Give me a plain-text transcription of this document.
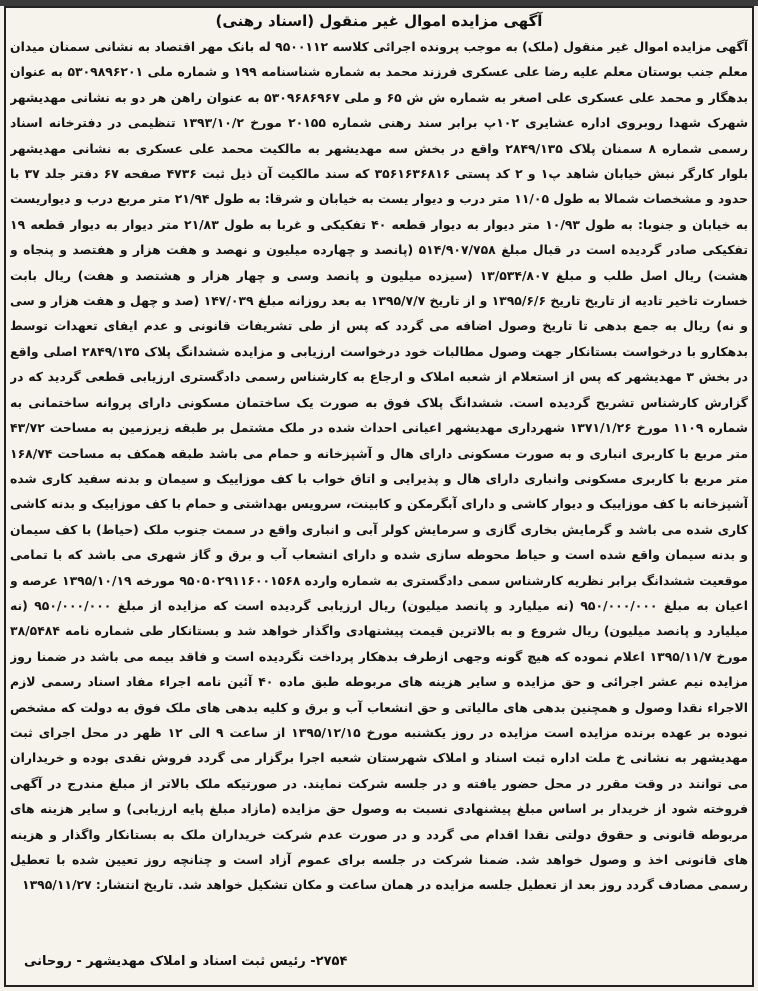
آگهی مزایده اموال غیر منقول (اسناد رهنی)

آگهی مزایده اموال غیر منقول (ملک) به موجب پرونده اجرائی کلاسه ۹۵۰۰۱۱۲ له بانک مهر اقتصاد به نشانی سمنان میدان معلم جنب بوستان معلم علیه رضا علی عسکری فرزند محمد به شماره شناسنامه ۱۹۹ و شماره ملی ۵۳۰۹۸۹۶۲۰۱ به عنوان بدهگار و محمد علی عسکری علی اصغر به شماره ش ش ۶۵ و ملی ۵۳۰۹۶۸۶۹۶۷ به عنوان راهن هر دو به نشانی مهدیشهر شهرک شهدا روبروی اداره عشایری ۱۰۲پ برابر سند رهنی شماره ۲۰۱۵۵ مورخ ۱۳۹۳/۱۰/۲ تنظیمی در دفترخانه اسناد رسمی شماره ۸ سمنان پلاک ۲۸۴۹/۱۳۵ واقع در بخش سه مهدیشهر به مالکیت محمد علی عسکری به نشانی مهدیشهر بلوار کارگر نبش خیابان شاهد پ۱ و ۲ کد پستی ۳۵۶۱۶۳۶۸۱۶ که سند مالکیت آن ذیل ثبت ۴۷۳۶ صفحه ۶۷ دفتر جلد ۳۷ با حدود و مشخصات شمالا به طول ۱۱/۰۵ متر درب و دیوار یست به خیابان و شرقا: به طول ۲۱/۹۴ متر مربع درب و دیواریست به خیابان و جنوبا: به طول ۱۰/۹۳ متر دیوار به دیوار قطعه ۴۰ تفکیکی و غربا به طول ۲۱/۸۳ متر دیوار به دیوار قطعه ۱۹ تفکیکی صادر گردیده است در قبال مبلغ ۵۱۴/۹۰۷/۷۵۸ (پانصد و چهارده میلیون و نهصد و هفت هزار و هفتصد و پنجاه و هشت) ریال اصل طلب و مبلغ ۱۳/۵۳۴/۸۰۷ (سیزده میلیون و پانصد وسی و چهار هزار و هشتصد و هفت) ریال بابت خسارت تاخیر تادیه از تاریخ تاریخ ۱۳۹۵/۶/۶ و از تاریخ ۱۳۹۵/۷/۷ به بعد روزانه مبلغ ۱۴۷/۰۳۹ (صد و چهل و هفت هزار و سی و نه) ریال به جمع بدهی تا تاریخ وصول اضافه می گردد که پس از طی تشریفات قانونی و عدم ایفای تعهدات توسط بدهکارو با درخواست بستانکار جهت وصول مطالبات خود درخواست ارزیابی و مزایده ششدانگ پلاک ۲۸۴۹/۱۳۵ اصلی واقع در بخش ۳ مهدیشهر که پس از استعلام از شعبه املاک و ارجاع به کارشناس رسمی دادگستری ارزیابی قطعی گردید که در گزارش کارشناس تشریح گردیده است. ششدانگ پلاک فوق به صورت یک ساختمان مسکونی دارای پروانه ساختمانی به شماره ۱۱۰۹ مورخ ۱۳۷۱/۱/۲۶ شهرداری مهدیشهر اعیانی احداث شده در ملک مشتمل بر طبقه زیرزمین به مساحت ۴۳/۷۲ متر مربع با کاربری انباری و به صورت مسکونی دارای هال و آشپزخانه و حمام می باشد طبقه همکف به مساحت ۱۶۸/۷۴ متر مربع با کاربری مسکونی وانباری دارای هال و پذیرایی و اتاق خواب با کف موزاییک و سیمان و بدنه سفید کاری شده آشپزخانه با کف موزاییک و دیوار کاشی و دارای آبگرمکن و کابینت، سرویس بهداشتی و حمام با کف موزاییک و بدنه کاشی کاری شده می باشد و گرمایش بخاری گازی و سرمایش کولر آبی و انباری واقع در سمت جنوب ملک (حیاط) با کف سیمان و بدنه سیمان واقع شده است و حیاط محوطه سازی شده و دارای انشعاب آب و برق و گاز شهری می باشد که با تمامی موقعیت ششدانگ برابر نظریه کارشناس سمی دادگستری به شماره وارده ۹۵۰۵۰۲۹۱۱۶۰۰۱۵۶۸ مورخه ۱۳۹۵/۱۰/۱۹ عرصه و اعیان به مبلغ ۹۵۰/۰۰۰/۰۰۰ (نه میلیارد و پانصد میلیون) ریال ارزیابی گردیده است که مزایده از مبلغ ۹۵۰/۰۰۰/۰۰۰ (نه میلیارد و پانصد میلیون) ریال شروع و به بالاترین قیمت پیشنهادی واگذار خواهد شد و بستانکار طی شماره نامه ۳۸/۵۴۸۴ مورخ ۱۳۹۵/۱۱/۷ اعلام نموده که هیچ گونه وجهی ازطرف بدهکار پرداخت نگردیده است و فاقد بیمه می باشد در ضمنا روز مزایده نیم عشر اجرائی و حق مزایده و سایر هزینه های مربوطه طبق ماده ۴۰ آئین نامه اجراء مفاد اسناد رسمی لازم الاجراء نقدا وصول و همچنین بدهی های مالیاتی و حق انشعاب آب و برق و کلیه بدهی های ملک فوق به دولت که مشخص نبوده بر عهده برنده مزایده است مزایده در روز یکشنبه مورخ ۱۳۹۵/۱۲/۱۵ از ساعت ۹ الی ۱۲ ظهر در محل اجرای ثبت مهدیشهر به نشانی خ ملت اداره ثبت اسناد و املاک شهرستان شعبه اجرا برگزار می گردد فروش نقدی بوده و خریداران می توانند در وقت مقرر در محل حضور یافته و در جلسه شرکت نمایند. در صورتیکه ملک بالاتر از مبلغ مندرج در آگهی فروخته شود از خریدار بر اساس مبلغ پیشنهادی نسبت به وصول حق مزایده (مازاد مبلغ پایه ارزیابی) و سایر هزینه های مربوطه قانونی و حقوق دولتی نقدا اقدام می گردد و در صورت عدم شرکت خریداران ملک به بستانکار واگذار و هزینه های قانونی اخذ و وصول خواهد شد. ضمنا شرکت در جلسه برای عموم آزاد است و چنانچه روز تعیین شده با تعطیل رسمی مصادف گردد روز بعد از تعطیل جلسه مزایده در همان ساعت و مکان تشکیل خواهد شد. تاریخ انتشار: ۱۳۹۵/۱۱/۲۷

۲۷۵۴- رئیس ثبت اسناد و املاک مهدیشهر - روحانی
